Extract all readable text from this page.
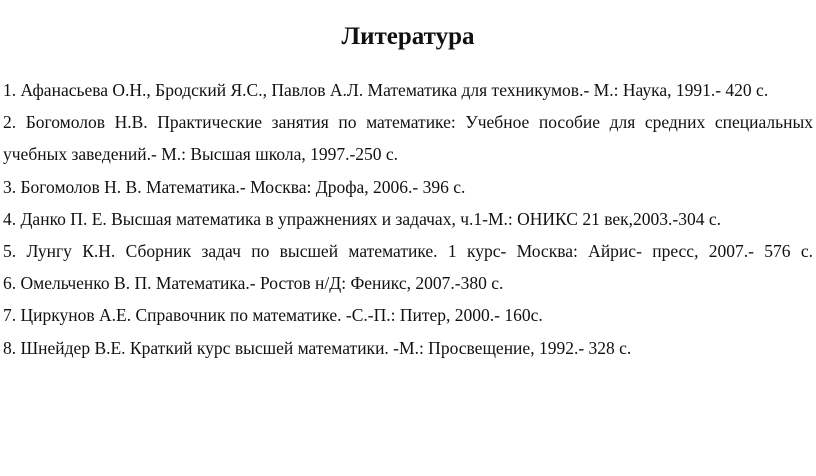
Литература
1. Афанасьева О.Н., Бродский Я.С., Павлов А.Л. Математика для техникумов.- М.: Наука, 1991.- 420 с.
2. Богомолов Н.В. Практические занятия по математике: Учебное пособие для средних специальных учебных заведений.- М.: Высшая школа, 1997.-250 с.
3. Богомолов Н. В. Математика.- Москва: Дрофа, 2006.- 396 с.
4. Данко П. Е. Высшая математика в упражнениях и задачах, ч.1-М.: ОНИКС 21 век,2003.-304 с.
5. Лунгу К.Н. Сборник задач по высшей математике. 1 курс- Москва: Айрис- пресс, 2007.- 576 с.
6. Омельченко В. П. Математика.- Ростов н/Д: Феникс, 2007.-380 с.
7. Циркунов А.Е. Справочник по математике. -С.-П.: Питер, 2000.- 160с.
8. Шнейдер В.Е. Краткий курс высшей математики. -М.: Просвещение, 1992.- 328 с.
